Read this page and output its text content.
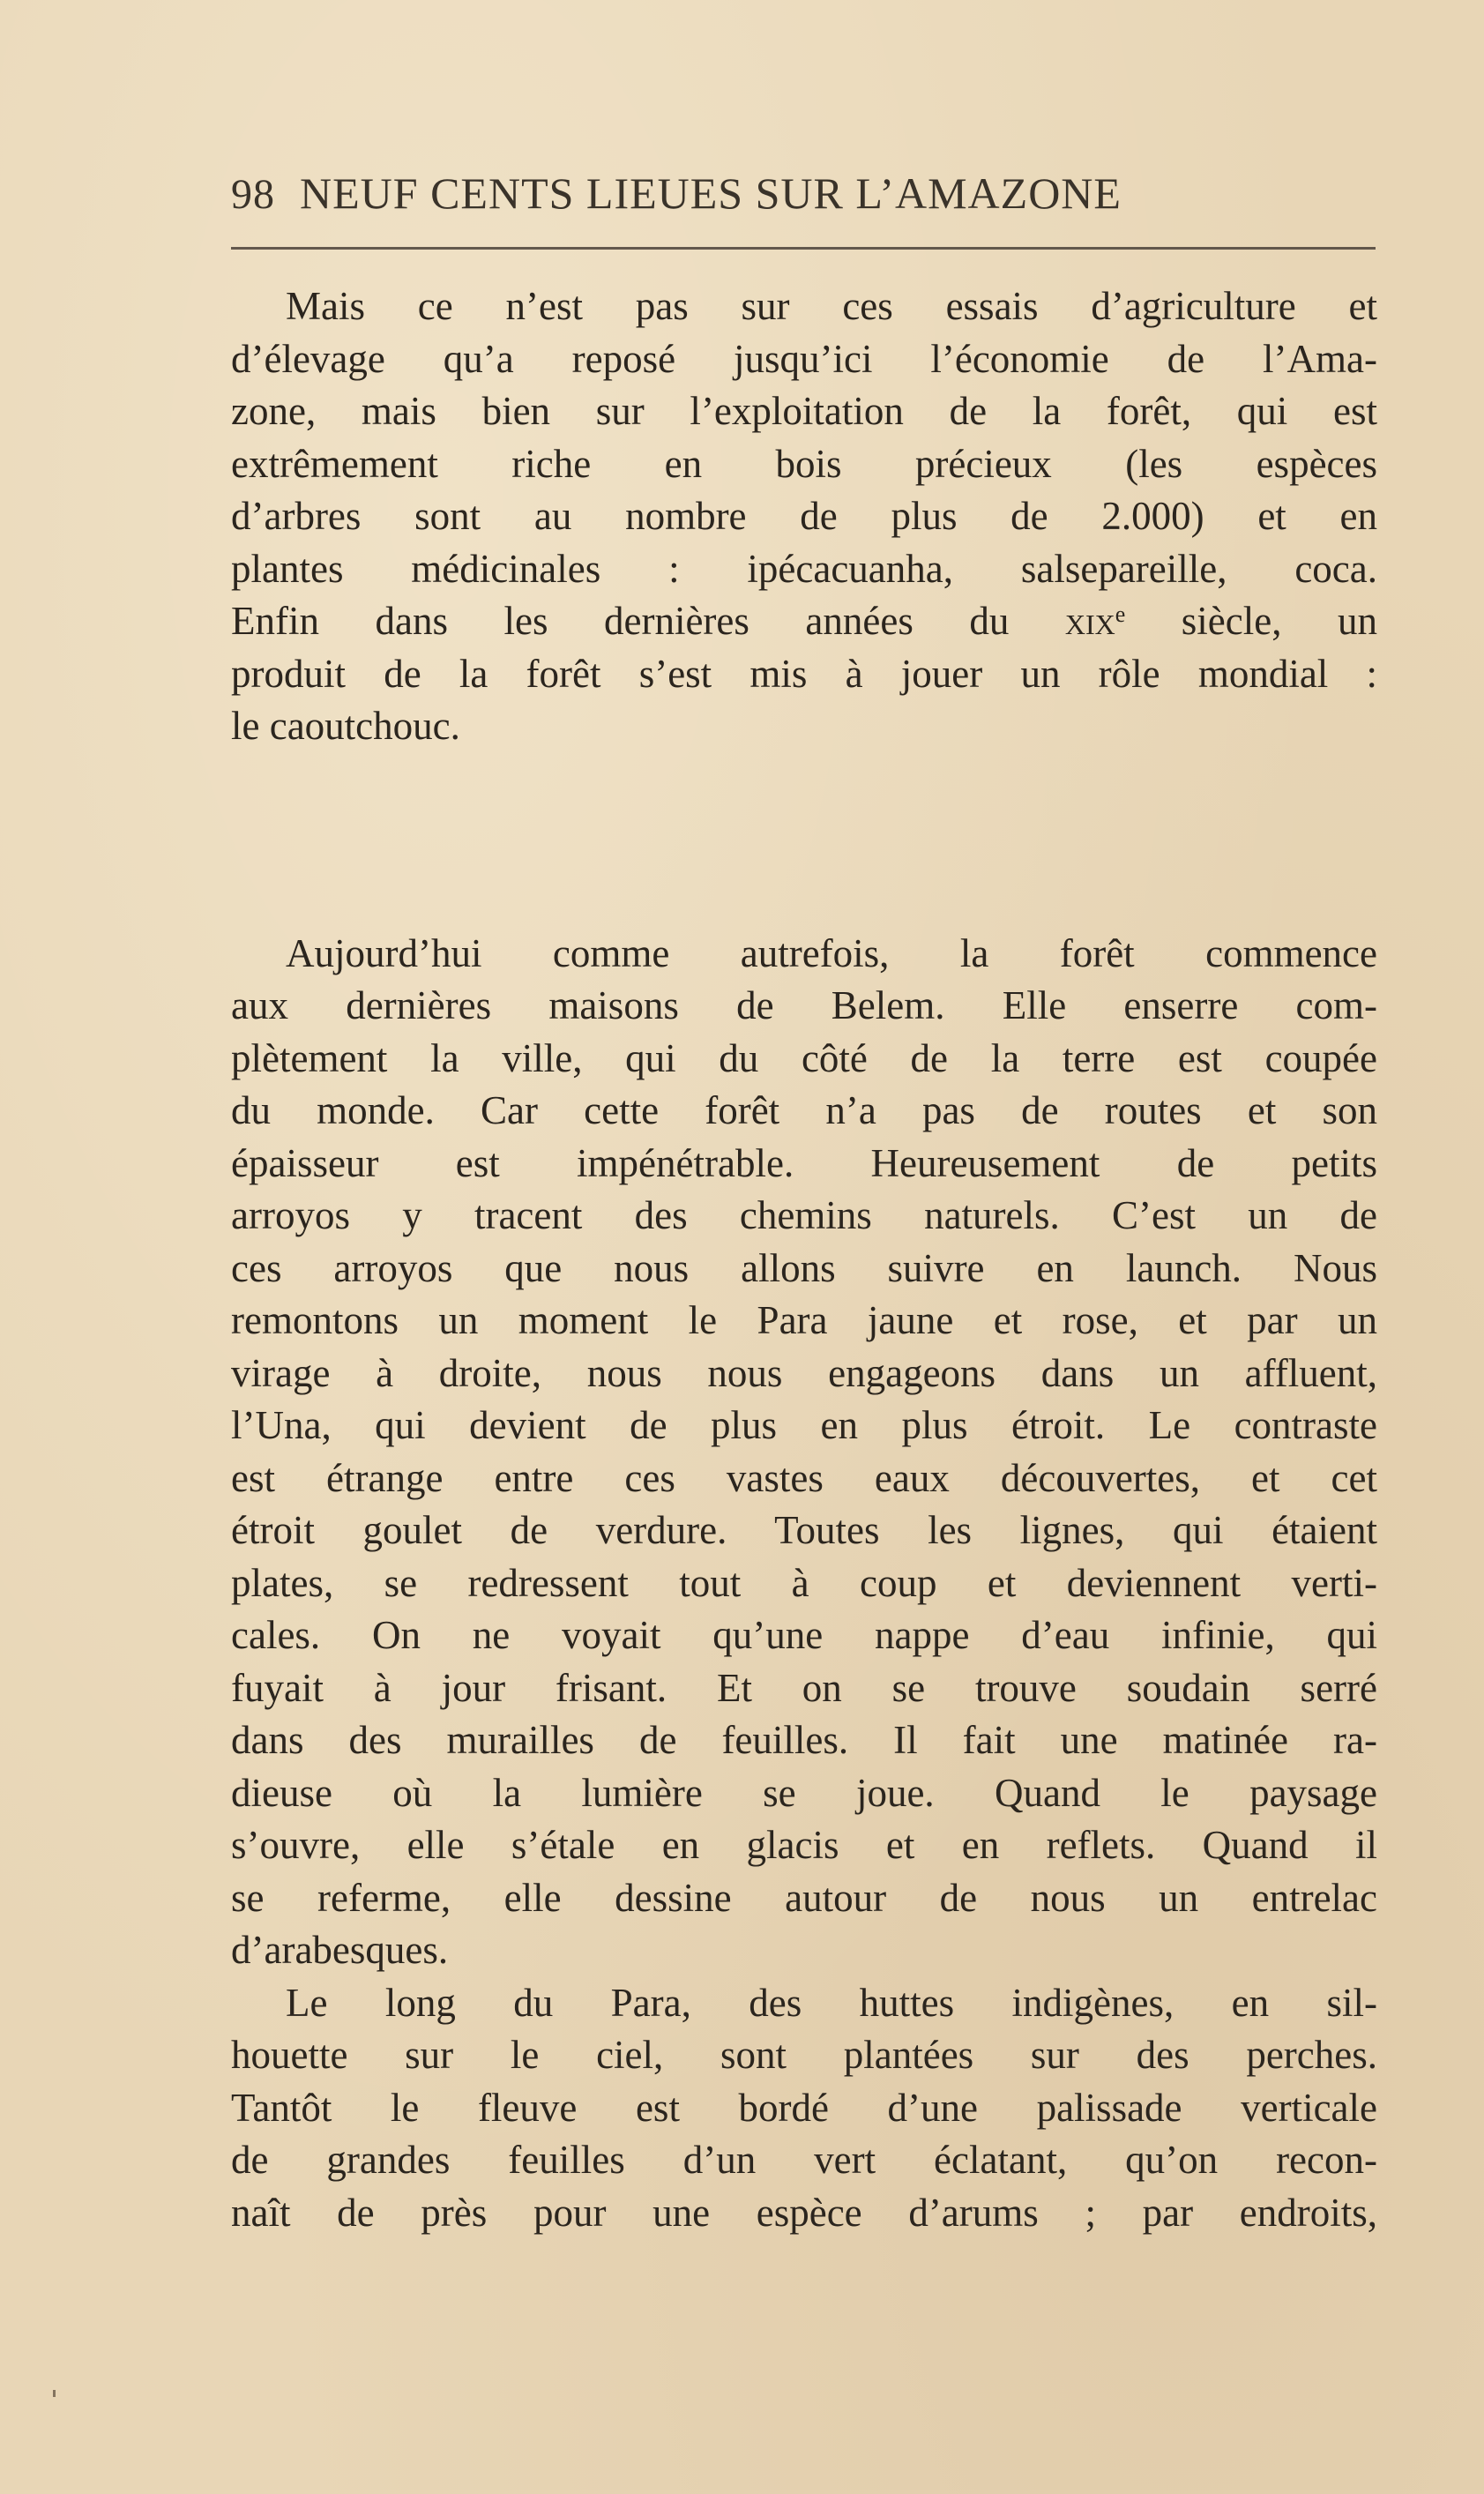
98 NEUF CENTS LIEUES SUR L’AMAZONE
Mais ce n’est pas sur ces essais d’agriculture et
d’élevage qu’a reposé jusqu’ici l’économie de l’Ama-
zone, mais bien sur l’exploitation de la forêt, qui est
extrêmement riche en bois précieux (les espèces
d’arbres sont au nombre de plus de 2.000) et en
plantes médicinales : ipécacuanha, salsepareille, coca.
Enfin dans les dernières années du xix$^e$ siècle, un
produit de la forêt s’est mis à jouer un rôle mondial :
le caoutchouc.
Aujourd’hui comme autrefois, la forêt commence
aux dernières maisons de Belem. Elle enserre com-
plètement la ville, qui du côté de la terre est coupée
du monde. Car cette forêt n’a pas de routes et son
épaisseur est impénétrable. Heureusement de petits
arroyos y tracent des chemins naturels. C’est un de
ces arroyos que nous allons suivre en launch. Nous
remontons un moment le Para jaune et rose, et par un
virage à droite, nous nous engageons dans un affluent,
l’Una, qui devient de plus en plus étroit. Le contraste
est étrange entre ces vastes eaux découvertes, et cet
étroit goulet de verdure. Toutes les lignes, qui étaient
plates, se redressent tout à coup et deviennent verti-
cales. On ne voyait qu’une nappe d’eau infinie, qui
fuyait à jour frisant. Et on se trouve soudain serré
dans des murailles de feuilles. Il fait une matinée ra-
dieuse où la lumière se joue. Quand le paysage
s’ouvre, elle s’étale en glacis et en reflets. Quand il
se referme, elle dessine autour de nous un entrelac
d’arabesques.
Le long du Para, des huttes indigènes, en sil-
houette sur le ciel, sont plantées sur des perches.
Tantôt le fleuve est bordé d’une palissade verticale
de grandes feuilles d’un vert éclatant, qu’on recon-
naît de près pour une espèce d’arums ; par endroits,
